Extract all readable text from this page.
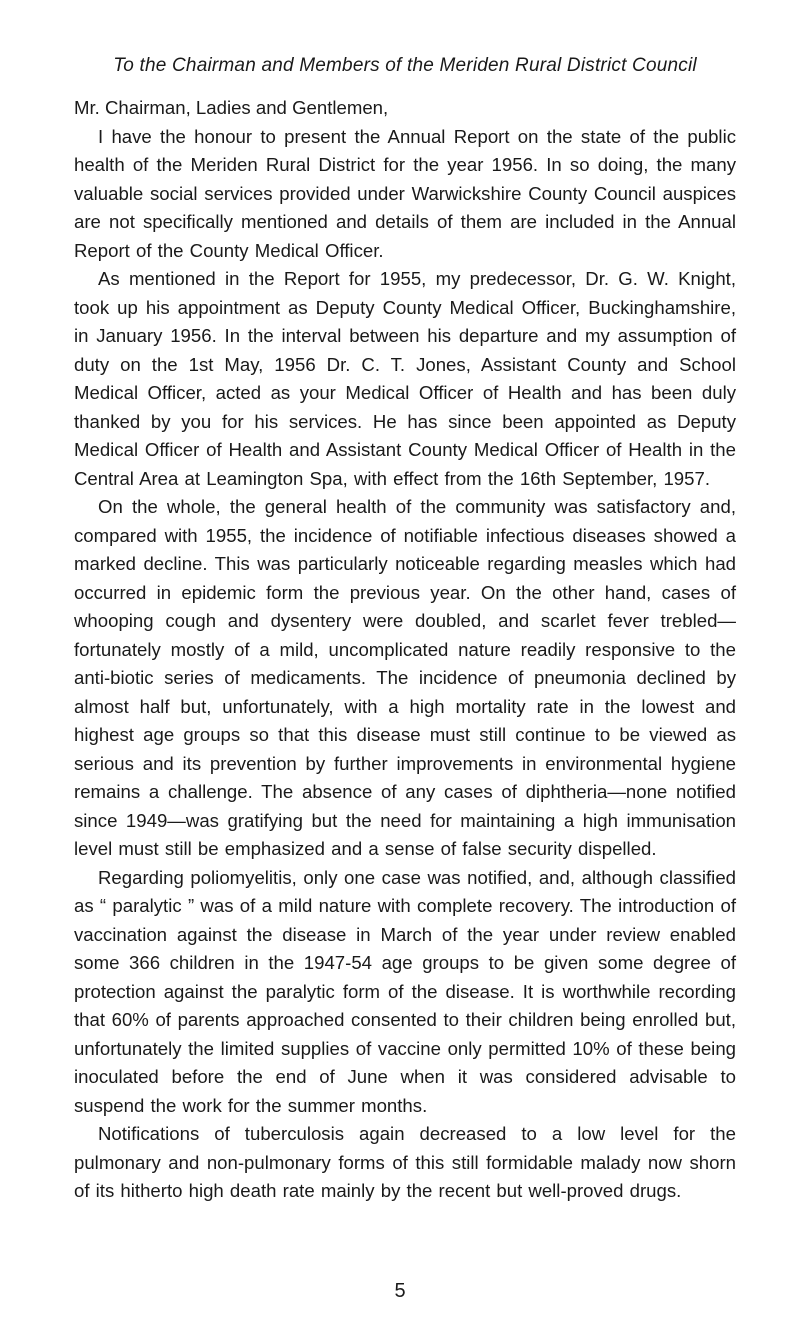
To the Chairman and Members of the Meriden Rural District Council

Mr. Chairman, Ladies and Gentlemen,

I have the honour to present the Annual Report on the state of the public health of the Meriden Rural District for the year 1956. In so doing, the many valuable social services provided under Warwickshire County Council auspices are not specifically mentioned and details of them are included in the Annual Report of the County Medical Officer.

As mentioned in the Report for 1955, my predecessor, Dr. G. W. Knight, took up his appointment as Deputy County Medical Officer, Buckinghamshire, in January 1956. In the interval between his departure and my assumption of duty on the 1st May, 1956 Dr. C. T. Jones, Assistant County and School Medical Officer, acted as your Medical Officer of Health and has been duly thanked by you for his services. He has since been appointed as Deputy Medical Officer of Health and Assistant County Medical Officer of Health in the Central Area at Leamington Spa, with effect from the 16th September, 1957.

On the whole, the general health of the community was satisfactory and, compared with 1955, the incidence of notifiable infectious diseases showed a marked decline. This was particularly noticeable regarding measles which had occurred in epidemic form the previous year. On the other hand, cases of whooping cough and dysentery were doubled, and scarlet fever trebled—fortunately mostly of a mild, uncomplicated nature readily responsive to the anti-biotic series of medicaments. The incidence of pneumonia declined by almost half but, unfortunately, with a high mortality rate in the lowest and highest age groups so that this disease must still continue to be viewed as serious and its prevention by further improvements in environmental hygiene remains a challenge. The absence of any cases of diphtheria—none notified since 1949—was gratifying but the need for maintaining a high immunisation level must still be emphasized and a sense of false security dispelled.

Regarding poliomyelitis, only one case was notified, and, although classified as “ paralytic ” was of a mild nature with complete recovery. The introduction of vaccination against the disease in March of the year under review enabled some 366 children in the 1947-54 age groups to be given some degree of protection against the paralytic form of the disease. It is worthwhile recording that 60% of parents approached consented to their children being enrolled but, unfortunately the limited supplies of vaccine only permitted 10% of these being inoculated before the end of June when it was considered advisable to suspend the work for the summer months.

Notifications of tuberculosis again decreased to a low level for the pulmonary and non-pulmonary forms of this still formidable malady now shorn of its hitherto high death rate mainly by the recent but well-proved drugs.

5
